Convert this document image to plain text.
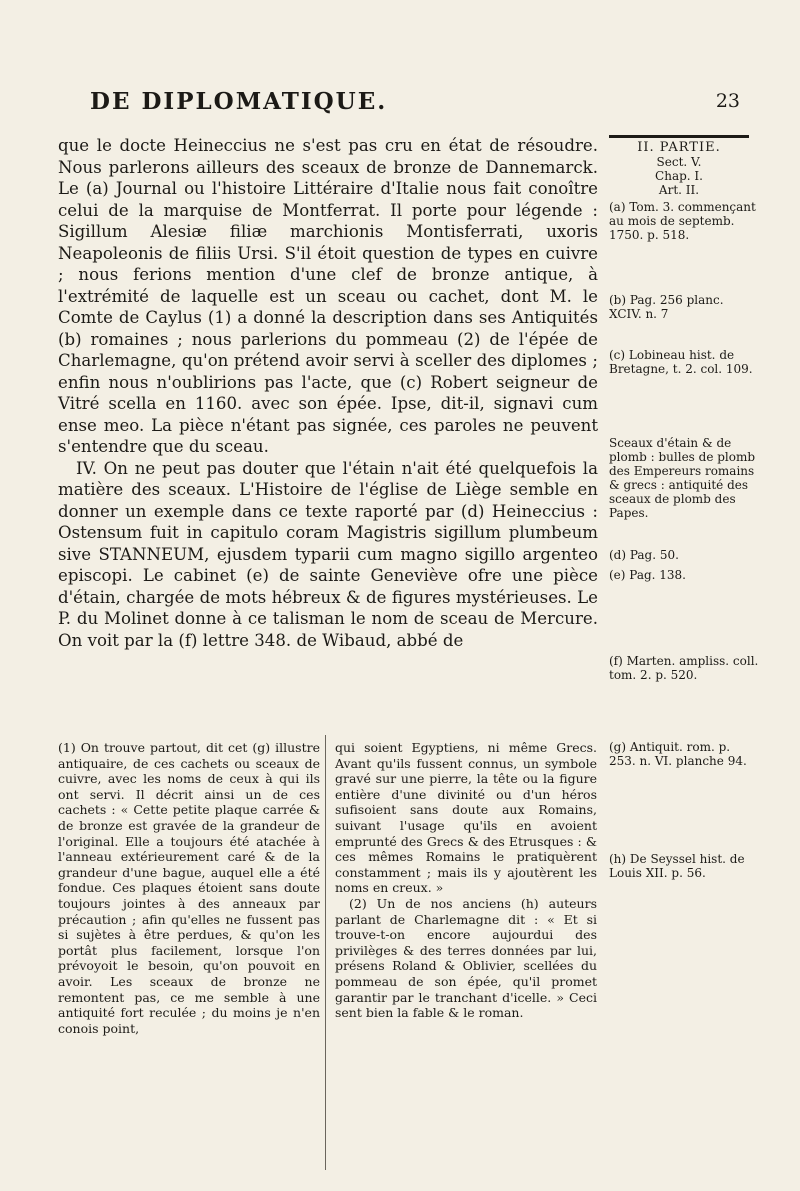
DE DIPLOMATIQUE.	23

que le docte Heineccius ne s'est pas cru en état de résoudre. Nous parlerons ailleurs des sceaux de bronze de Dannemarck. Le (a) Journal ou l'histoire Littéraire d'Italie nous fait conoître celui de la marquise de Montferrat. Il porte pour légende : Sigillum Alesiæ filiæ marchionis Montisferrati, uxoris Neapoleonis de filiis Ursi. S'il étoit question de types en cuivre ; nous ferions mention d'une clef de bronze antique, à l'extrémité de laquelle est un sceau ou cachet, dont M. le Comte de Caylus (1) a donné la description dans ses Antiquités (b) romaines ; nous parlerions du pommeau (2) de l'épée de Charlemagne, qu'on prétend avoir servi à sceller des diplomes ; enfin nous n'oublirions pas l'acte, que (c) Robert seigneur de Vitré scella en 1160. avec son épée. Ipse, dit-il, signavi cum ense meo. La pièce n'étant pas signée, ces paroles ne peuvent s'entendre que du sceau.

IV. On ne peut pas douter que l'étain n'ait été quelquefois la matière des sceaux. L'Histoire de l'église de Liège semble en donner un exemple dans ce texte raporté par (d) Heineccius : Ostensum fuit in capitulo coram Magistris sigillum plumbeum sive STANNEUM, ejusdem typarii cum magno sigillo argenteo episcopi. Le cabinet (e) de sainte Geneviève ofre une pièce d'étain, chargée de mots hébreux & de figures mystérieuses. Le P. du Molinet donne à ce talisman le nom de sceau de Mercure. On voit par la (f) lettre 348. de Wibaud, abbé de

II. PARTIE.
Sect. V.
Chap. I.
Art. II.
(a) Tom. 3. commençant au mois de septemb. 1750. p. 518.
(b) Pag. 256 planc. XCIV. n. 7
(c) Lobineau hist. de Bretagne, t. 2. col. 109.
Sceaux d'étain & de plomb : bulles de plomb des Empereurs romains & grecs : antiquité des sceaux de plomb des Papes.
(d) Pag. 50.
(e) Pag. 138.
(f) Marten. ampliss. coll. tom. 2. p. 520.
(g) Antiquit. rom. p. 253. n. VI. planche 94.
(h) De Seyssel hist. de Louis XII. p. 56.

(1) On trouve partout, dit cet (g) illustre antiquaire, de ces cachets ou sceaux de cuivre, avec les noms de ceux à qui ils ont servi. Il décrit ainsi un de ces cachets : « Cette petite plaque carrée & de bronze est gravée de la grandeur de l'original. Elle a toujours été atachée à l'anneau extérieurement caré & de la grandeur d'une bague, auquel elle a été fondue. Ces plaques étoient sans doute toujours jointes à des anneaux par précaution ; afin qu'elles ne fussent pas si sujètes à être perdues, & qu'on les portât plus facilement, lorsque l'on prévoyoit le besoin, qu'on pouvoit en avoir. Les sceaux de bronze ne remontent pas, ce me semble à une antiquité fort reculée ; du moins je n'en conois point,

qui soient Egyptiens, ni même Grecs. Avant qu'ils fussent connus, un symbole gravé sur une pierre, la tête ou la figure entière d'une divinité ou d'un héros sufisoient sans doute aux Romains, suivant l'usage qu'ils en avoient emprunté des Grecs & des Etrusques : & ces mêmes Romains le pratiquèrent constamment ; mais ils y ajoutèrent les noms en creux. »

(2) Un de nos anciens (h) auteurs parlant de Charlemagne dit : « Et si trouve-t-on encore aujourdui des privilèges & des terres données par lui, présens Roland & Oblivier, scellées du pommeau de son épée, qu'il promet garantir par le tranchant d'icelle. » Ceci sent bien la fable & le roman.
